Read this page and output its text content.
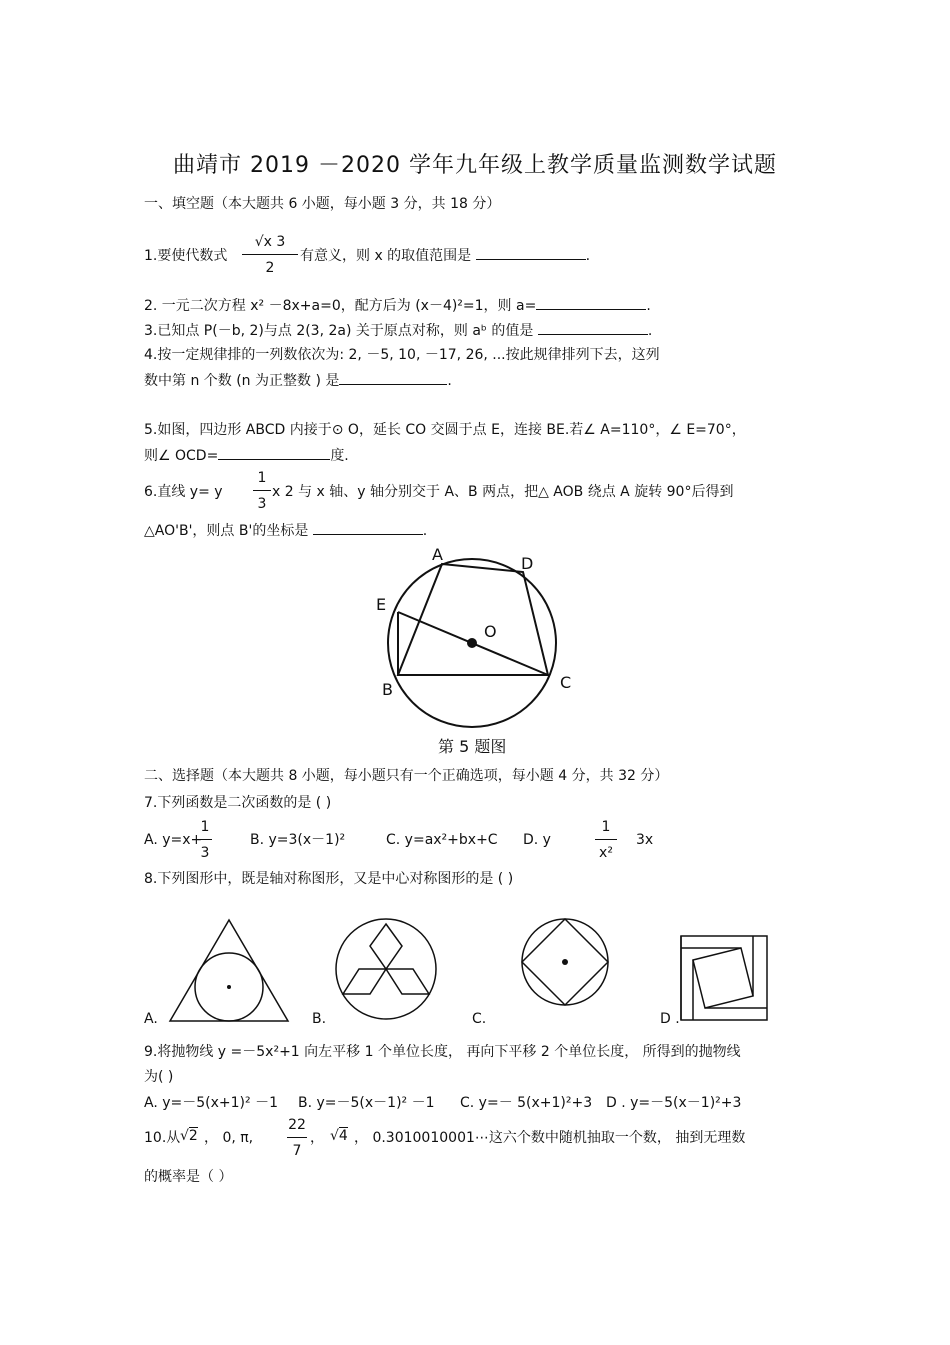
曲靖市 2019 －2020 学年九年级上教学质量监测数学试题
一、填空题（本大题共 6 小题，每小题 3 分，共 18 分）
1.要使代数式 $\frac{√x 3}{2}$ 有意义，则 x 的取值范围是	.
2. 一元二次方程 x² －8x+a=0，配方后为 (x－4)²=1，则 a=	.
3.已知点 P(－b, 2)与点 2(3, 2a) 关于原点对称，则 aᵇ 的值是	.
4.按一定规律排的一列数依次为: 2, －5, 10, －17, 26, ...按此规律排列下去，这列
数中第 n 个数 (n 为正整数 ) 是	.
5.如图，四边形 ABCD 内接于⊙ O，延长 CO 交圆于点 E，连接 BE.若∠ A=110°，∠ E=70°，
则∠ OCD=	度.
6.直线 y= y $\frac{1}{3}$ x 2 与 x 轴、y 轴分别交于 A、B 两点，把△ AOB 绕点 A 旋转 90°后得到
△AO'B'，则点 B'的坐标是	.
A	D
E
O
B	C
第 5 题图
二、选择题（本大题共 8 小题，每小题只有一个正确选项，每小题 4 分，共 32 分）
7.下列函数是二次函数的是 ( )
A. y=x+
$\frac{1}{3}$	B. y=3(x－1)²	C. y=ax²+bx+C D. y	$\frac{1}{\text{x²}} 3x$
8.下列图形中，既是轴对称图形，又是中心对称图形的是 ( )
A.	B.	C.	D .
9.将抛物线 y =－5x²+1 向左平移 1 个单位长度， 再向下平移 2 个单位长度， 所得到的抛物线
为( )
A. y=－5(x+1)² －1 B. y=－5(x－1)² －1 C. y=－ 5(x+1)²+3 D . y=－5(x－1)²+3
10.从 √2 ， 0, π, $\frac{22}{7}$ ， √4 ， 0.3010010001⋯这六个数中随机抽取一个数， 抽到无理数
的概率是（ ）
